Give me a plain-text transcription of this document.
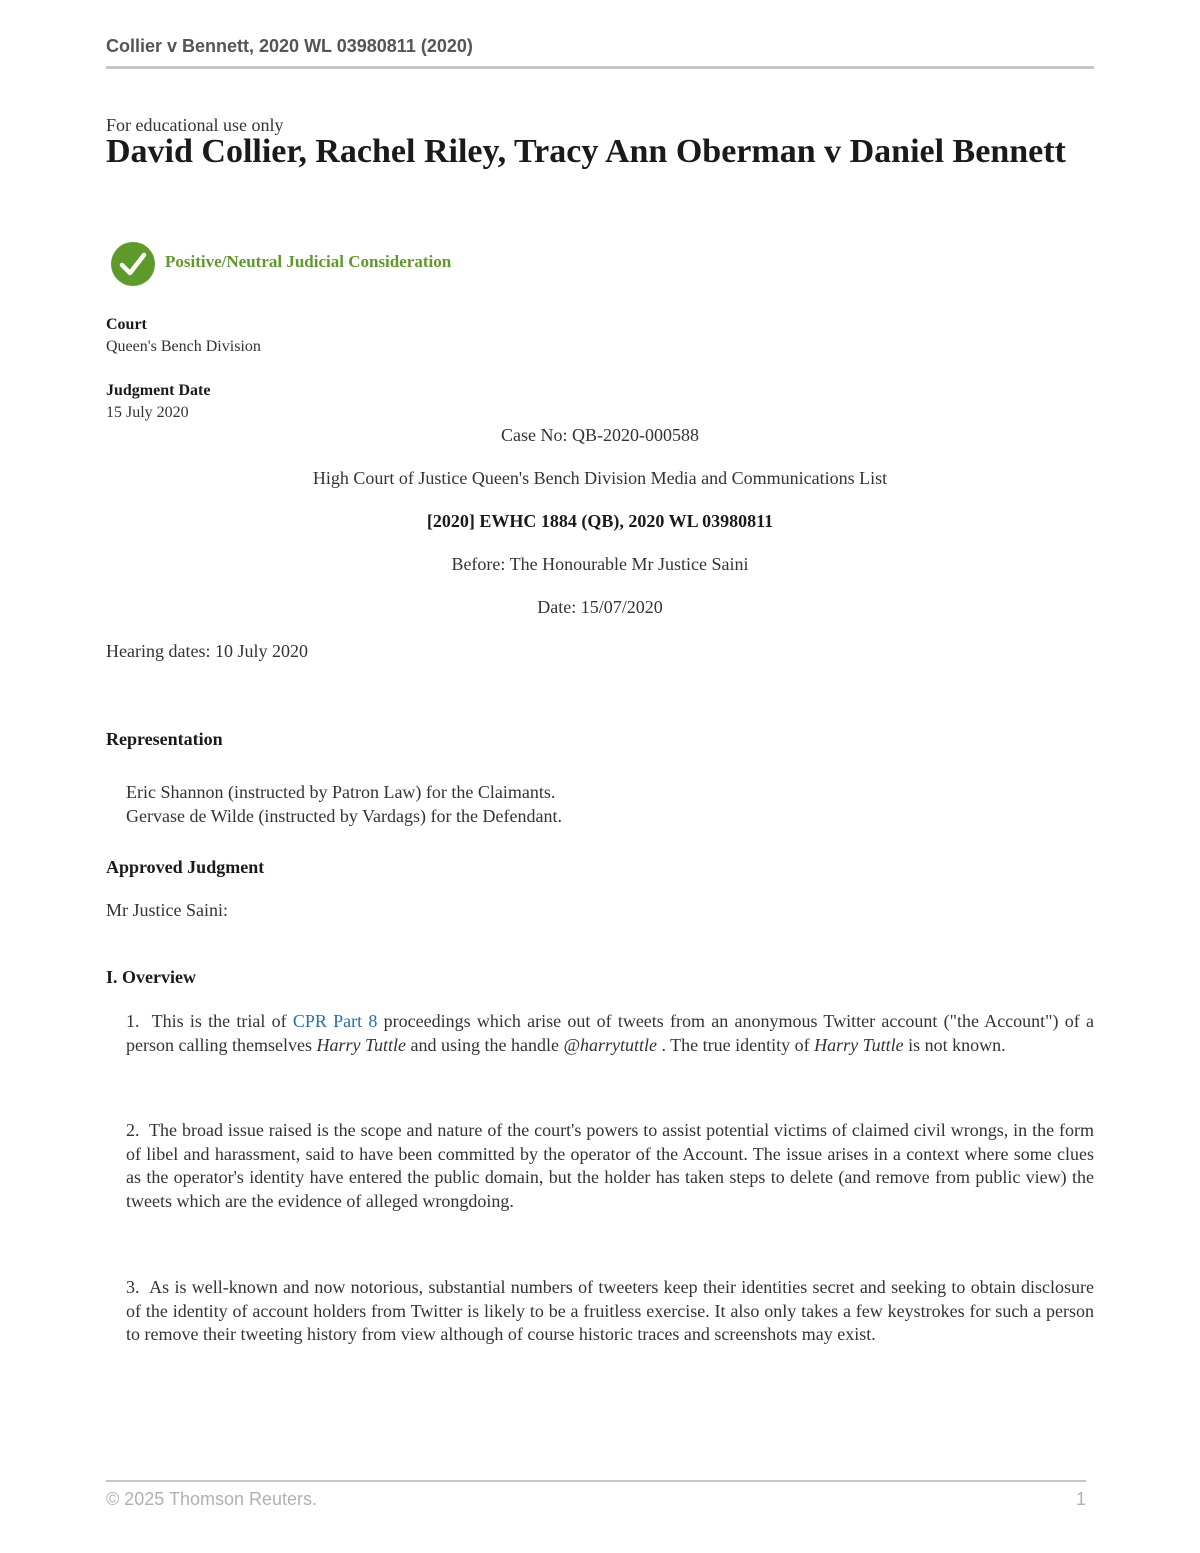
Collier v Bennett, 2020 WL 03980811 (2020)
For educational use only
David Collier, Rachel Riley, Tracy Ann Oberman v Daniel Bennett
Positive/Neutral Judicial Consideration
Court
Queen's Bench Division
Judgment Date
15 July 2020
Case No: QB-2020-000588
High Court of Justice Queen's Bench Division Media and Communications List
[2020] EWHC 1884 (QB), 2020 WL 03980811
Before: The Honourable Mr Justice Saini
Date: 15/07/2020
Hearing dates: 10 July 2020
Representation
Eric Shannon (instructed by Patron Law) for the Claimants.
Gervase de Wilde (instructed by Vardags) for the Defendant.
Approved Judgment
Mr Justice Saini:
I. Overview
1. This is the trial of CPR Part 8 proceedings which arise out of tweets from an anonymous Twitter account ("the Account") of a person calling themselves Harry Tuttle and using the handle @harrytuttle . The true identity of Harry Tuttle is not known.
2. The broad issue raised is the scope and nature of the court's powers to assist potential victims of claimed civil wrongs, in the form of libel and harassment, said to have been committed by the operator of the Account. The issue arises in a context where some clues as the operator's identity have entered the public domain, but the holder has taken steps to delete (and remove from public view) the tweets which are the evidence of alleged wrongdoing.
3. As is well-known and now notorious, substantial numbers of tweeters keep their identities secret and seeking to obtain disclosure of the identity of account holders from Twitter is likely to be a fruitless exercise. It also only takes a few keystrokes for such a person to remove their tweeting history from view although of course historic traces and screenshots may exist.
© 2025 Thomson Reuters.	1
